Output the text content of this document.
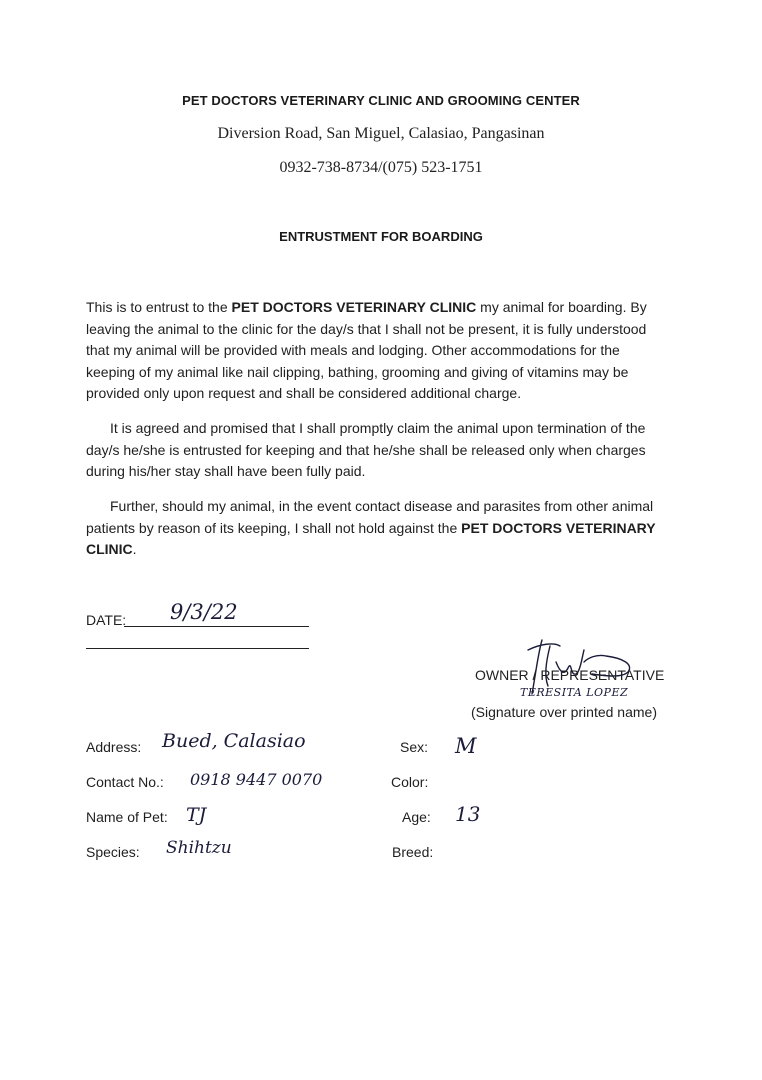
PET DOCTORS VETERINARY CLINIC AND GROOMING CENTER
Diversion Road, San Miguel, Calasiao, Pangasinan
0932-738-8734/(075) 523-1751
ENTRUSTMENT FOR BOARDING
This is to entrust to the PET DOCTORS VETERINARY CLINIC my animal for boarding. By leaving the animal to the clinic for the day/s that I shall not be present, it is fully understood that my animal will be provided with meals and lodging. Other accommodations for the keeping of my animal like nail clipping, bathing, grooming and giving of vitamins may be provided only upon request and shall be considered additional charge.
It is agreed and promised that I shall promptly claim the animal upon termination of the day/s he/she is entrusted for keeping and that he/she shall be released only when charges during his/her stay shall have been fully paid.
Further, should my animal, in the event contact disease and parasites from other animal patients by reason of its keeping, I shall not hold against the PET DOCTORS VETERINARY CLINIC.
DATE: 9/3/22
OWNER / REPRESENTATIVE
TERESITA LOPEZ
(Signature over printed name)
Address: Bued, Calasiao
Contact No.: 0918 9447 0070
Name of Pet: TJ
Species: Shihtzu
Sex: M
Color:
Age: 13
Breed:
